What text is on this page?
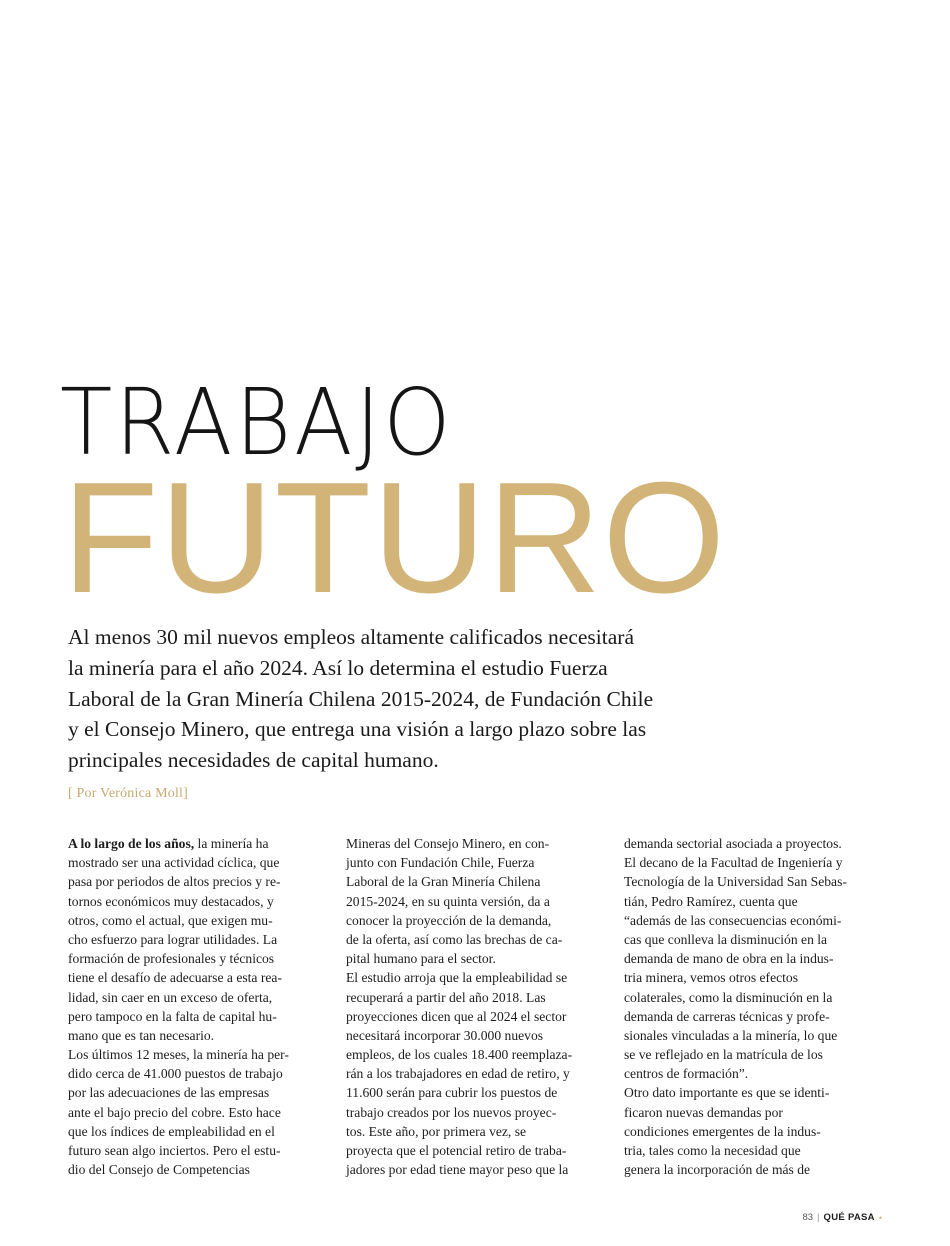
TRABAJO
FUTURO
Al menos 30 mil nuevos empleos altamente calificados necesitará
la minería para el año 2024. Así lo determina el estudio Fuerza
Laboral de la Gran Minería Chilena 2015-2024, de Fundación Chile
y el Consejo Minero, que entrega una visión a largo plazo sobre las
principales necesidades de capital humano.
[ Por Verónica Moll]
A lo largo de los años, la minería ha
mostrado ser una actividad cíclica, que
pasa por periodos de altos precios y re-
tornos económicos muy destacados, y
otros, como el actual, que exigen mu-
cho esfuerzo para lograr utilidades. La
formación de profesionales y técnicos
tiene el desafío de adecuarse a esta rea-
lidad, sin caer en un exceso de oferta,
pero tampoco en la falta de capital hu-
mano que es tan necesario.
Los últimos 12 meses, la minería ha per-
dido cerca de 41.000 puestos de trabajo
por las adecuaciones de las empresas
ante el bajo precio del cobre. Esto hace
que los índices de empleabilidad en el
futuro sean algo inciertos. Pero el estu-
dio del Consejo de Competencias
Mineras del Consejo Minero, en con-
junto con Fundación Chile, Fuerza
Laboral de la Gran Minería Chilena
2015-2024, en su quinta versión, da a
conocer la proyección de la demanda,
de la oferta, así como las brechas de ca-
pital humano para el sector.
El estudio arroja que la empleabilidad se
recuperará a partir del año 2018. Las
proyecciones dicen que al 2024 el sector
necesitará incorporar 30.000 nuevos
empleos, de los cuales 18.400 reemplaza-
rán a los trabajadores en edad de retiro, y
11.600 serán para cubrir los puestos de
trabajo creados por los nuevos proyec-
tos. Este año, por primera vez, se
proyecta que el potencial retiro de traba-
jadores por edad tiene mayor peso que la
demanda sectorial asociada a proyectos.
El decano de la Facultad de Ingeniería y
Tecnología de la Universidad San Sebas-
tián, Pedro Ramírez, cuenta que
“además de las consecuencias económi-
cas que conlleva la disminución en la
demanda de mano de obra en la indus-
tria minera, vemos otros efectos
colaterales, como la disminución en la
demanda de carreras técnicas y profe-
sionales vinculadas a la minería, lo que
se ve reflejado en la matrícula de los
centros de formación”.
Otro dato importante es que se identi-
ficaron nuevas demandas por
condiciones emergentes de la indus-
tria, tales como la necesidad que
genera la incorporación de más de
83 | QUÉ PASA •
